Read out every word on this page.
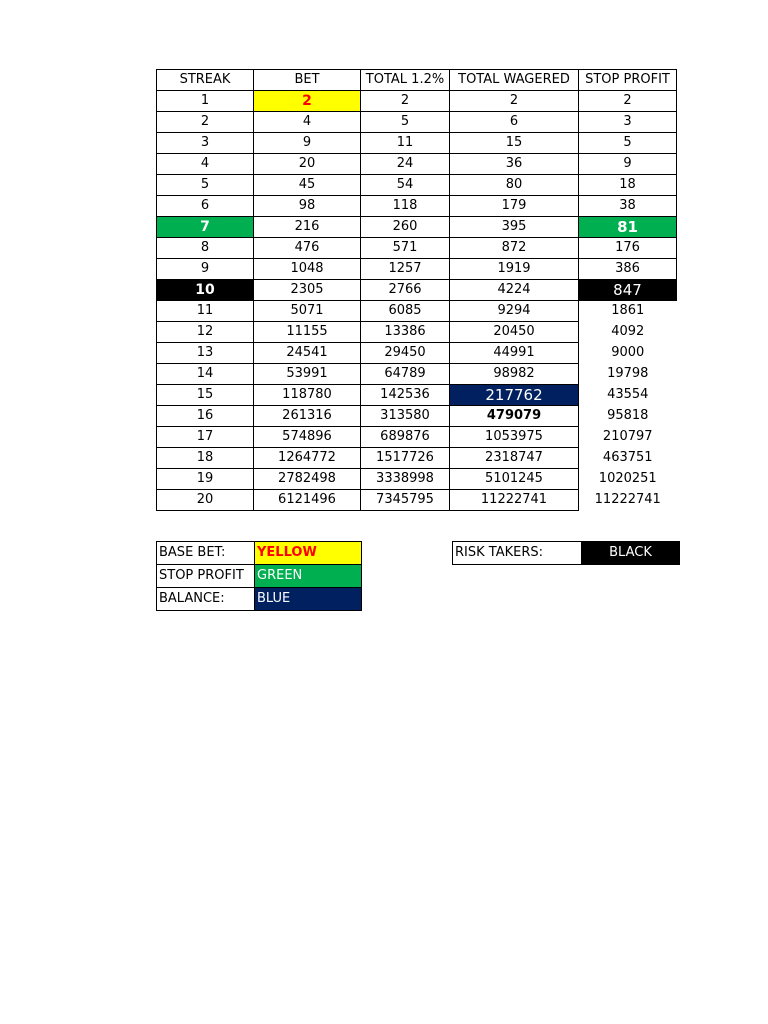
STREAK	BET	TOTAL 1.2%	TOTAL WAGERED	STOP PROFIT
1	2	2	2	2
2	4	5	6	3
3	9	11	15	5
4	20	24	36	9
5	45	54	80	18
6	98	118	179	38
7	216	260	395	81
8	476	571	872	176
9	1048	1257	1919	386
10	2305	2766	4224	847
11	5071	6085	9294	1861
12	11155	13386	20450	4092
13	24541	29450	44991	9000
14	53991	64789	98982	19798
15	118780	142536	217762	43554
16	261316	313580	479079	95818
17	574896	689876	1053975	210797
18	1264772	1517726	2318747	463751
19	2782498	3338998	5101245	1020251
20	6121496	7345795	11222741	11222741
BASE BET:	YELLOW
STOP PROFIT	GREEN
BALANCE:	BLUE
RISK TAKERS:	BLACK
